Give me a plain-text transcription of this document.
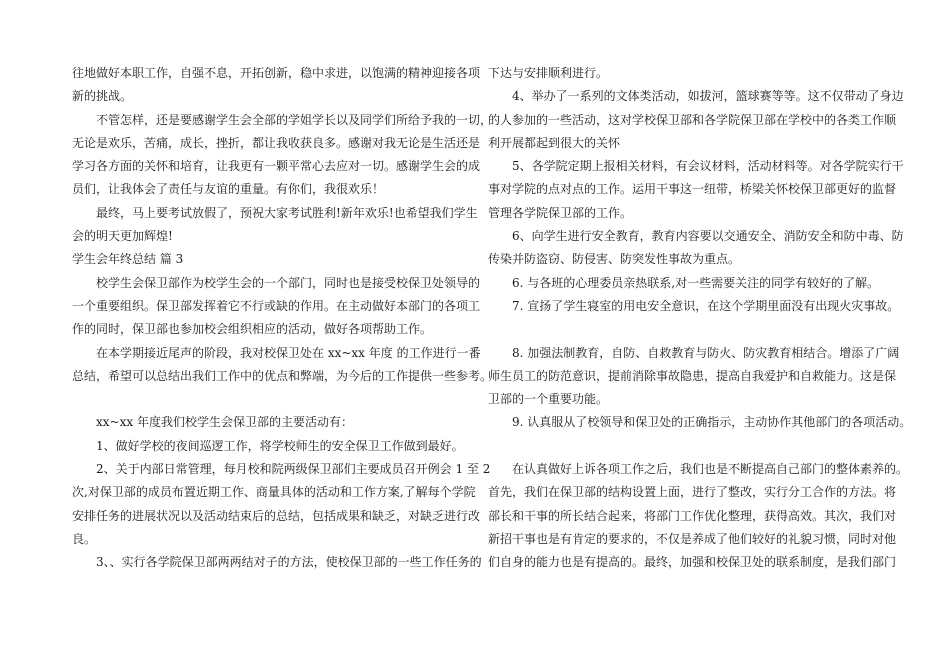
往地做好本职工作，自强不息，开拓创新，稳中求进，以饱满的精神迎接各项
新的挑战。
　　不管怎样，还是要感谢学生会全部的学姐学长以及同学们所给予我的一切，
无论是欢乐，苦痛，成长，挫折，都让我收获良多。感谢对我无论是生活还是
学习各方面的关怀和培育，让我更有一颗平常心去应对一切。感谢学生会的成
员们，让我体会了责任与友谊的重量。有你们，我很欢乐！
　　最终，马上要考试放假了，预祝大家考试胜利!新年欢乐!也希望我们学生
会的明天更加辉煌!
学生会年终总结 篇 3
　　校学生会保卫部作为校学生会的一个部门，同时也是接受校保卫处领导的
一个重要组织。保卫部发挥着它不行或缺的作用。在主动做好本部门的各项工
作的同时，保卫部也参加校会组织相应的活动，做好各项帮助工作。
　　在本学期接近尾声的阶段，我对校保卫处在 xx~xx 年度 的工作进行一番
总结，希望可以总结出我们工作中的优点和弊端，为今后的工作提供一些参考。
　　xx~xx 年度我们校学生会保卫部的主要活动有：
　　1、做好学校的夜间巡逻工作，将学校师生的安全保卫工作做到最好。
　　2、关于内部日常管理，每月校和院两级保卫部们主要成员召开例会 1 至 2
次,对保卫部的成员布置近期工作、商量具体的活动和工作方案,了解每个学院
安排任务的进展状况以及活动结束后的总结，包括成果和缺乏，对缺乏进行改
良。
　　3、、实行各学院保卫部两两结对子的方法，使校保卫部的一些工作任务的
下达与安排顺利进行。
　　4、举办了一系列的文体类活动，如拔河，篮球赛等等。这不仅带动了身边
的人参加的一些活动，这对学校保卫部和各学院保卫部在学校中的各类工作顺
利开展都起到很大的关怀
　　5、各学院定期上报相关材料，有会议材料，活动材料等。对各学院实行干
事对学院的点对点的工作。运用干事这一纽带，桥梁关怀校保卫部更好的监督
管理各学院保卫部的工作。
　　6、向学生进行安全教育，教育内容要以交通安全、消防安全和防中毒、防
传染并防盗窃、防侵害、防突发性事故为重点。
　　6. 与各班的心理委员亲热联系,对一些需要关注的同学有较好的了解。
　　7. 宣扬了学生寝室的用电安全意识，在这个学期里面没有出现火灾事故。
　　8. 加强法制教育，自防、自救教育与防火、防灾教育相结合。增添了广阔
师生员工的防范意识，提前消除事故隐患，提高自我爱护和自救能力。这是保
卫部的一个重要功能。
　　9. 认真服从了校领导和保卫处的正确指示，主动协作其他部门的各项活动。
　　在认真做好上诉各项工作之后，我们也是不断提高自己部门的整体素养的。
首先，我们在保卫部的结构设置上面，进行了整改，实行分工合作的方法。将
部长和干事的所长结合起来，将部门工作优化整理，获得高效。其次，我们对
新招干事也是有肯定的要求的，不仅是养成了他们较好的礼貌习惯，同时对他
们自身的能力也是有提高的。最终，加强和校保卫处的联系制度，是我们部门
